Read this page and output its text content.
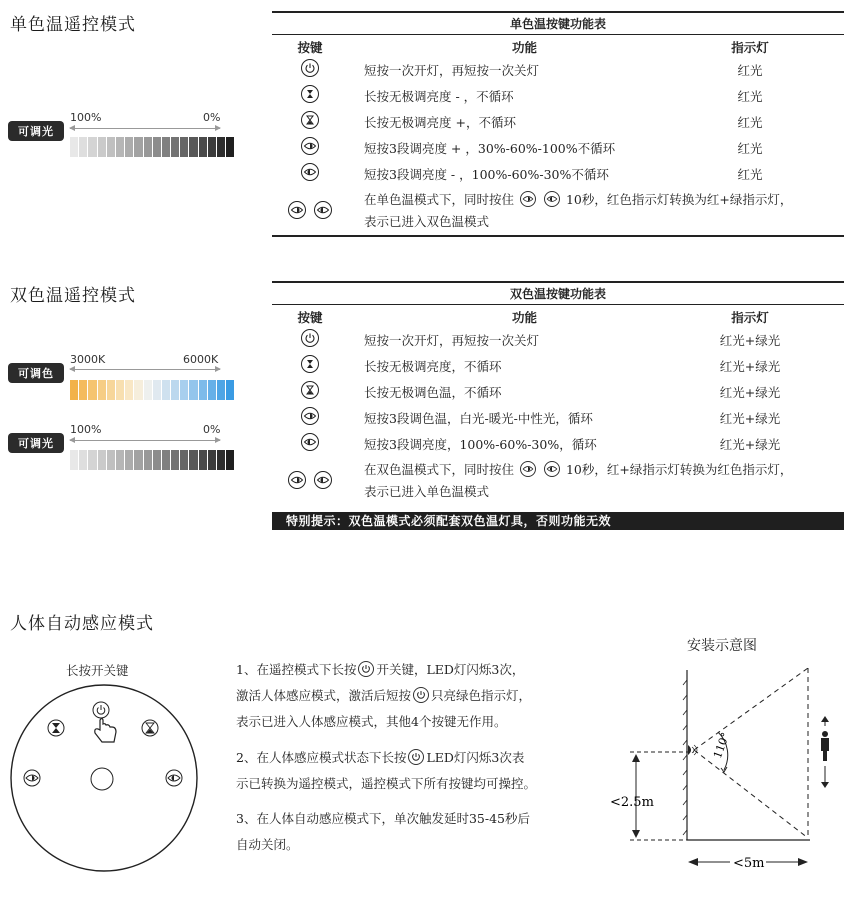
单色温遥控模式
可调光
100%	0%
单色温按键功能表
按键	功能	指示灯
短按一次开灯，再短按一次关灯	红光
长按无极调亮度 - ，不循环	红光
长按无极调亮度 +，不循环	红光
短按3段调亮度 + ，30%-60%-100%不循环	红光
短按3段调亮度 - ，100%-60%-30%不循环	红光

在单色温模式下，同时按住
	10秒，红色指示灯转换为红+绿指示灯，
表示已进入双色温模式
双色温遥控模式
可调色
3000K	6000K
可调光
100%	0%
双色温按键功能表
按键	功能	指示灯
短按一次开灯，再短按一次关灯	红光+绿光
长按无极调亮度，不循环	红光+绿光
长按无极调色温，不循环	红光+绿光
短按3段调色温，白光-暖光-中性光，循环	红光+绿光
短按3段调亮度，100%-60%-30%，循环	红光+绿光

在双色温模式下，同时按住
	10秒，红+绿指示灯转换为红色指示灯，
表示已进入单色温模式
特别提示：双色温模式必须配套双色温灯具，否则功能无效
人体自动感应模式
长按开关键	1、在遥控模式下长按 开关键，LED灯闪烁3次，
激活人体感应模式，激活后短按 只亮绿色指示灯，
表示已进入人体感应模式，其他4个按键无作用。
2、在人体感应模式状态下长按 LED灯闪烁3次表
示已转换为遥控模式，遥控模式下所有按键均可操控。
3、在人体自动感应模式下，单次触发延时35-45秒后
自动关闭。
安装示意图
110°
<2.5m
<5m
